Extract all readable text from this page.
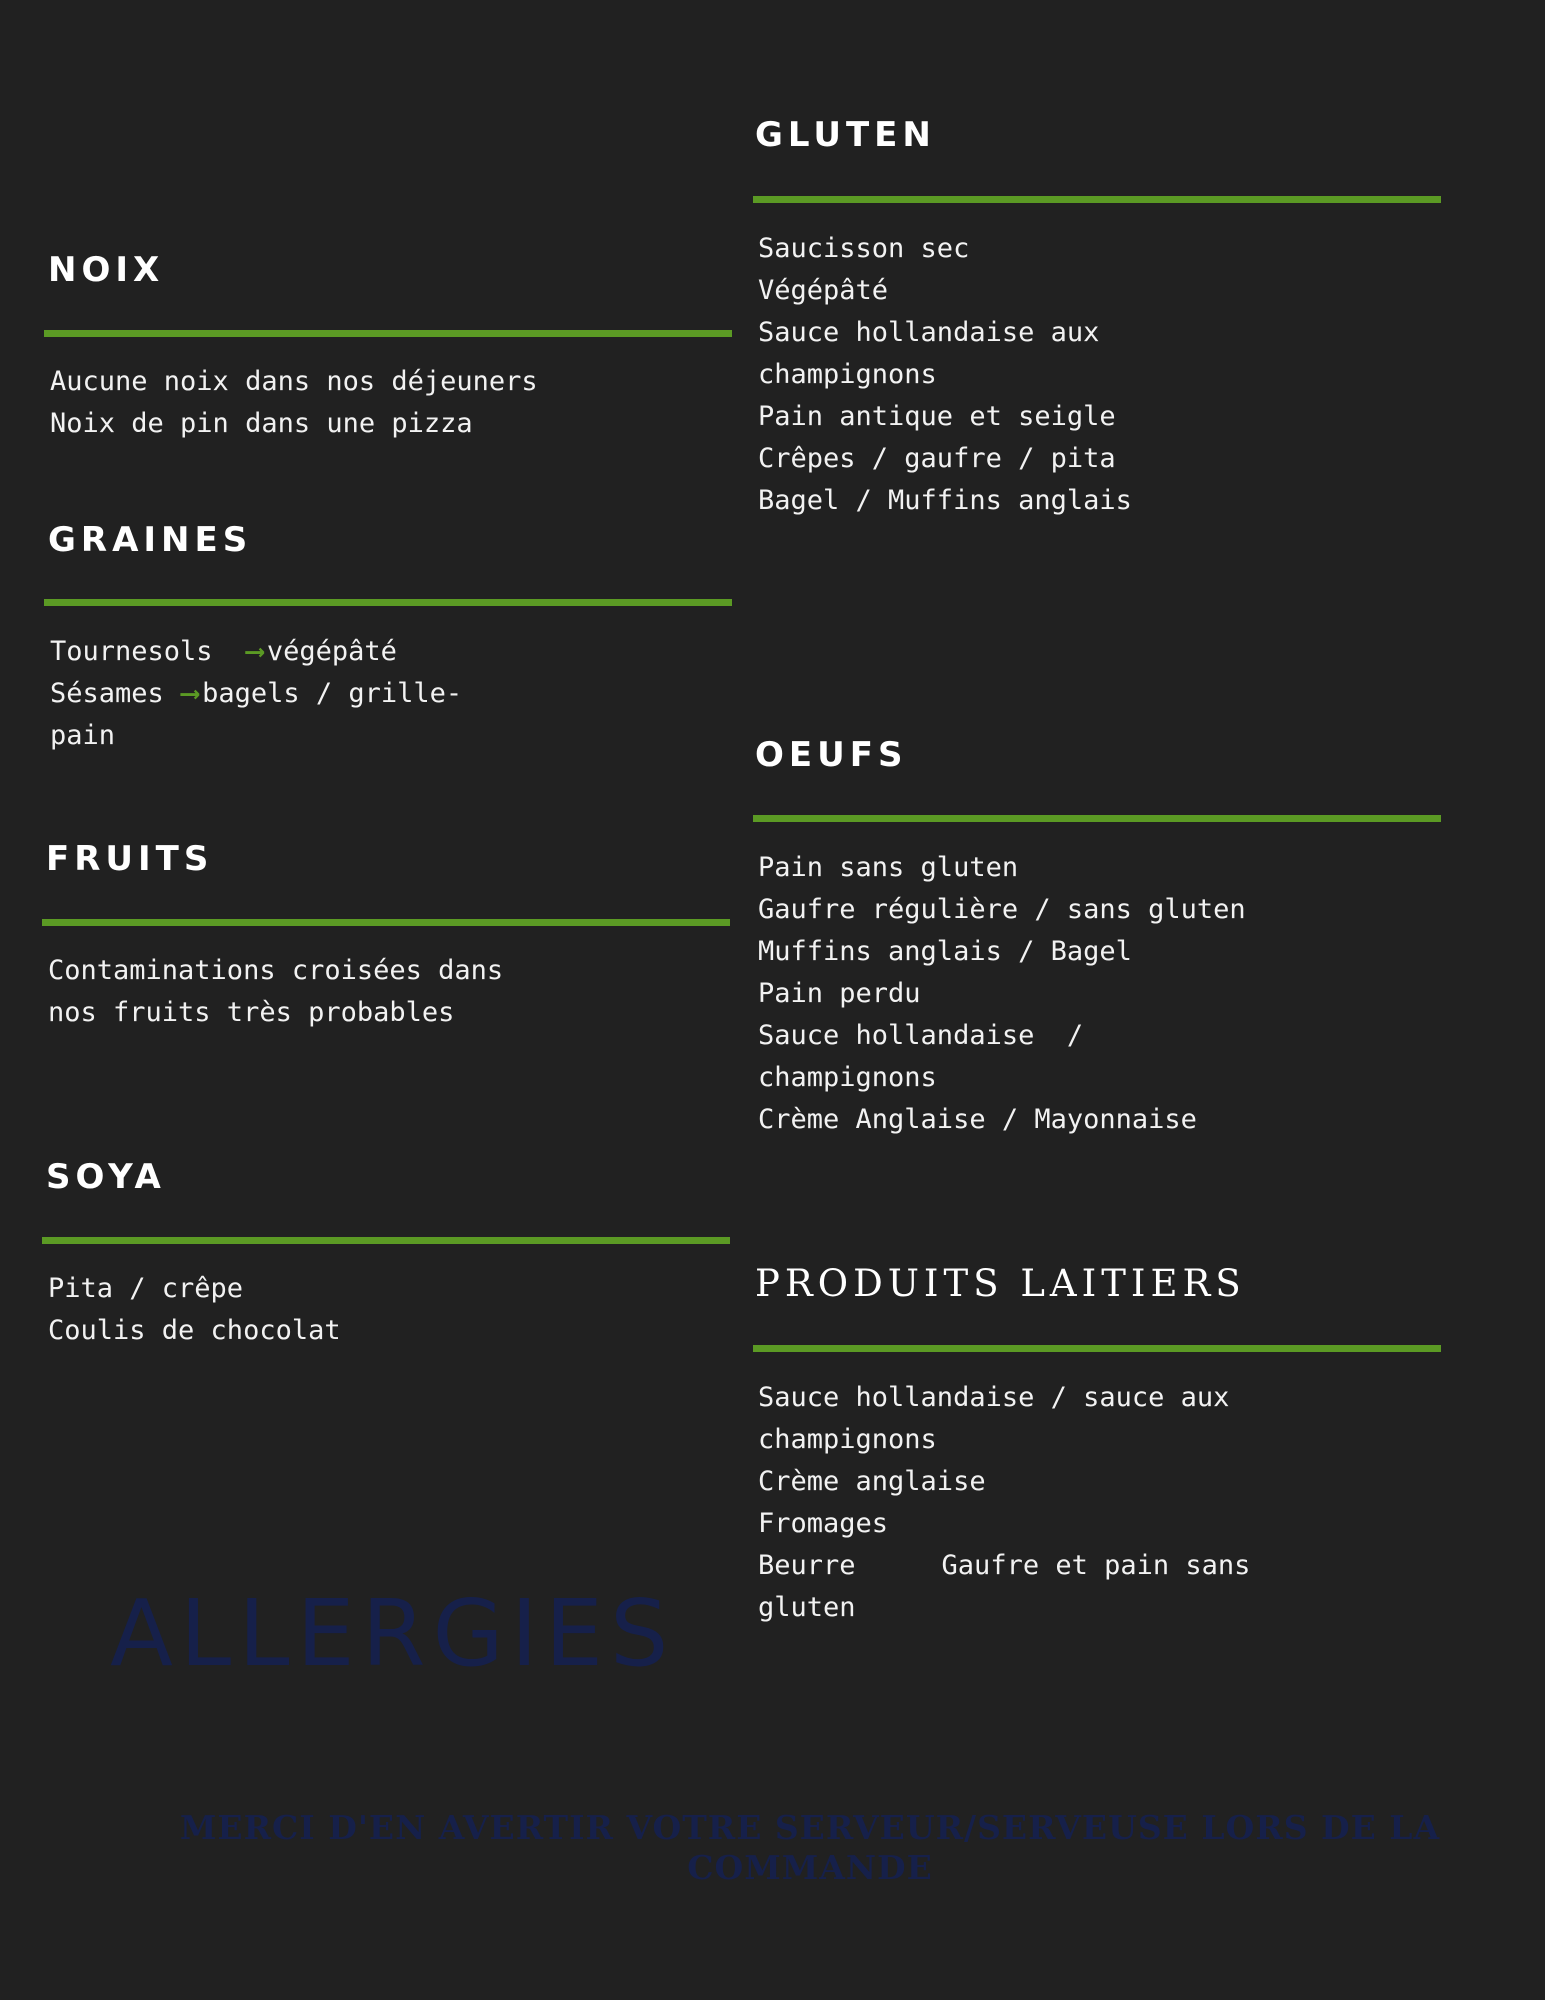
NOIX
Aucune noix dans nos déjeuners
Noix de pin dans une pizza
GRAINES
Tournesols ⟶ végépâté
Sésames ⟶ bagels / grille-
pain
FRUITS
Contaminations croisées dans
nos fruits très probables
SOYA
Pita / crêpe
Coulis de chocolat
GLUTEN
Saucisson sec
Végépâté
Sauce hollandaise aux
champignons
Pain antique et seigle
Crêpes / gaufre / pita
Bagel / Muffins anglais
OEUFS
Pain sans gluten
Gaufre régulière / sans gluten
Muffins anglais / Bagel
Pain perdu
Sauce hollandaise  /
champignons
Crème Anglaise / Mayonnaise
PRODUITS LAITIERS
Sauce hollandaise / sauce aux
champignons
Crème anglaise
Fromages
Beurre	Gaufre et pain sans
gluten
ALLERGIES
MERCI D'EN AVERTIR VOTRE SERVEUR/SERVEUSE LORS DE LA COMMANDE
